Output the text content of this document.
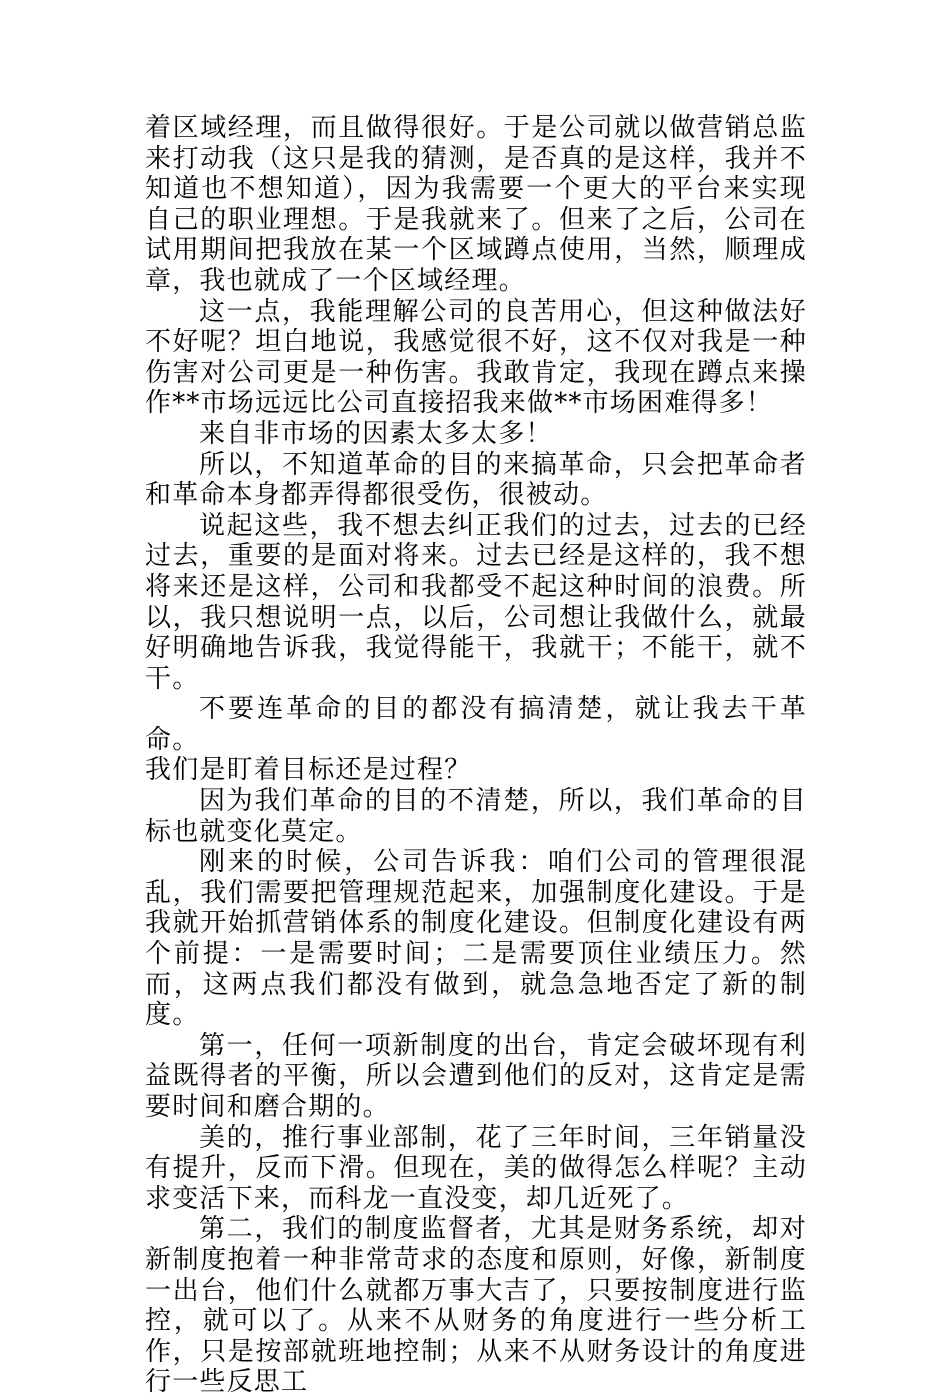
着区域经理，而且做得很好。于是公司就以做营销总监来打动我（这只是我的猜测，是否真的是这样，我并不知道也不想知道），因为我需要一个更大的平台来实现自己的职业理想。于是我就来了。但来了之后，公司在试用期间把我放在某一个区域蹲点使用，当然，顺理成章，我也就成了一个区域经理。

这一点，我能理解公司的良苦用心，但这种做法好不好呢？坦白地说，我感觉很不好，这不仅对我是一种伤害对公司更是一种伤害。我敢肯定，我现在蹲点来操作**市场远远比公司直接招我来做**市场困难得多！

来自非市场的因素太多太多！

所以，不知道革命的目的来搞革命，只会把革命者和革命本身都弄得都很受伤，很被动。

说起这些，我不想去纠正我们的过去，过去的已经过去，重要的是面对将来。过去已经是这样的，我不想将来还是这样，公司和我都受不起这种时间的浪费。所以，我只想说明一点，以后，公司想让我做什么，就最好明确地告诉我，我觉得能干，我就干；不能干，就不干。

不要连革命的目的都没有搞清楚，就让我去干革命。

我们是盯着目标还是过程？

因为我们革命的目的不清楚，所以，我们革命的目标也就变化莫定。

刚来的时候，公司告诉我：咱们公司的管理很混乱，我们需要把管理规范起来，加强制度化建设。于是我就开始抓营销体系的制度化建设。但制度化建设有两个前提：一是需要时间；二是需要顶住业绩压力。然而，这两点我们都没有做到，就急急地否定了新的制度。

第一，任何一项新制度的出台，肯定会破坏现有利益既得者的平衡，所以会遭到他们的反对，这肯定是需要时间和磨合期的。

美的，推行事业部制，花了三年时间，三年销量没有提升，反而下滑。但现在，美的做得怎么样呢？主动求变活下来，而科龙一直没变，却几近死了。

第二，我们的制度监督者，尤其是财务系统，却对新制度抱着一种非常苛求的态度和原则，好像，新制度一出台，他们什么就都万事大吉了，只要按制度进行监控，就可以了。从来不从财务的角度进行一些分析工作，只是按部就班地控制；从来不从财务设计的角度进行一些反思工
